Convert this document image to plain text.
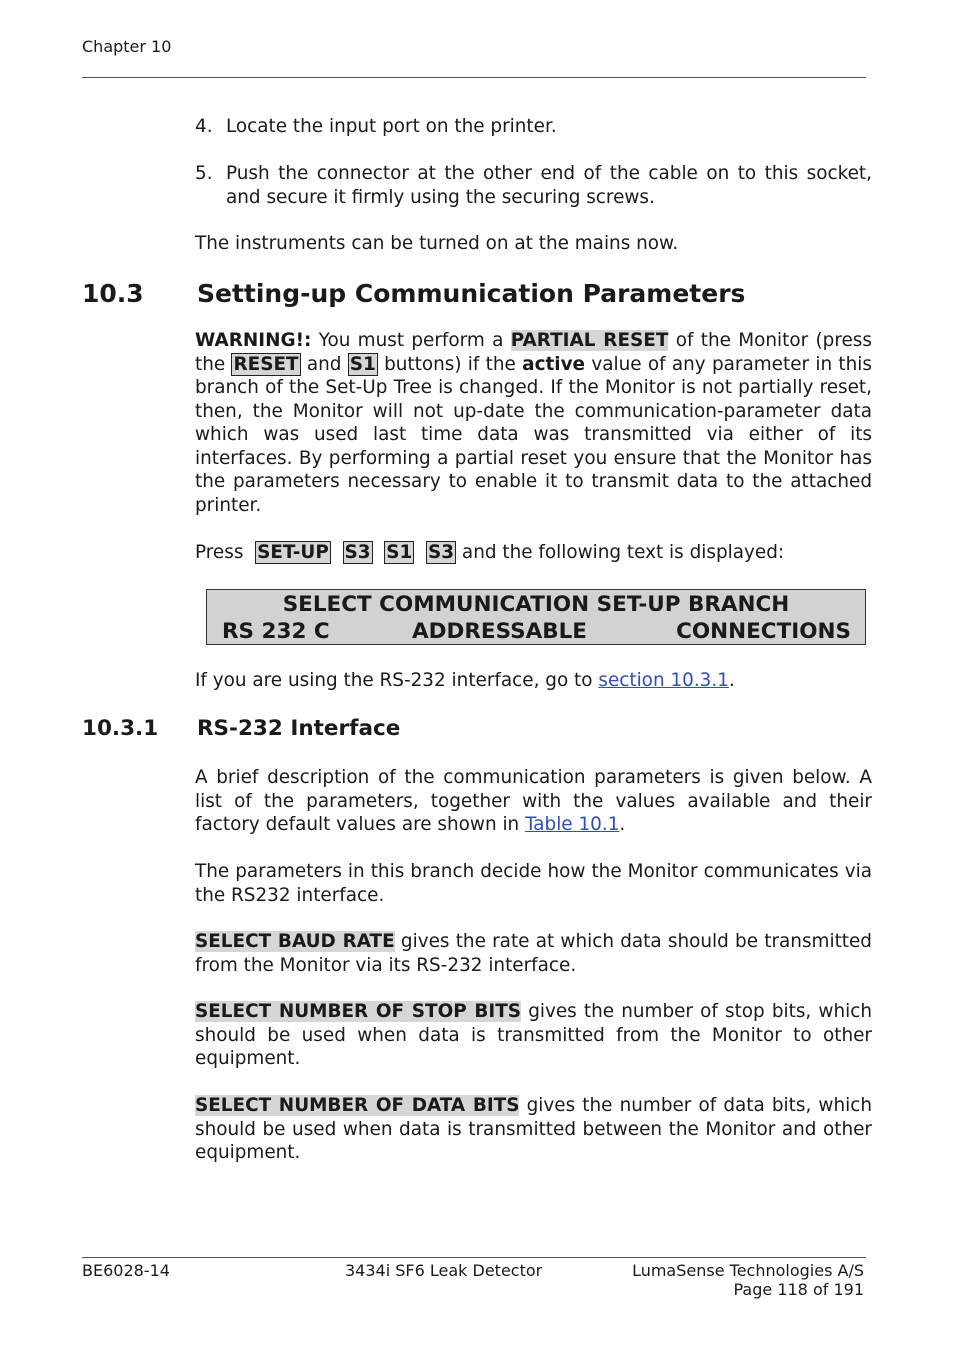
Chapter 10
4. Locate the input port on the printer.
5. Push the connector at the other end of the cable on to this socket, and secure it firmly using the securing screws.
The instruments can be turned on at the mains now.
10.3 Setting-up Communication Parameters
WARNING!: You must perform a PARTIAL RESET of the Monitor (press the RESET and S1 buttons) if the active value of any parameter in this branch of the Set-Up Tree is changed. If the Monitor is not partially reset, then, the Monitor will not up-date the communication-parameter data which was used last time data was transmitted via either of its interfaces. By performing a partial reset you ensure that the Monitor has the parameters necessary to enable it to transmit data to the attached printer.
Press SET-UP S3 S1 S3 and the following text is displayed:
SELECT COMMUNICATION SET-UP BRANCH
RS 232 C	ADDRESSABLE	CONNECTIONS
If you are using the RS-232 interface, go to section 10.3.1.
10.3.1 RS-232 Interface
A brief description of the communication parameters is given below. A list of the parameters, together with the values available and their factory default values are shown in Table 10.1.
The parameters in this branch decide how the Monitor communicates via the RS232 interface.
SELECT BAUD RATE gives the rate at which data should be transmitted from the Monitor via its RS-232 interface.
SELECT NUMBER OF STOP BITS gives the number of stop bits, which should be used when data is transmitted from the Monitor to other equipment.
SELECT NUMBER OF DATA BITS gives the number of data bits, which should be used when data is transmitted between the Monitor and other equipment.
BE6028-14	3434i SF6 Leak Detector	LumaSense Technologies A/S
Page 118 of 191
